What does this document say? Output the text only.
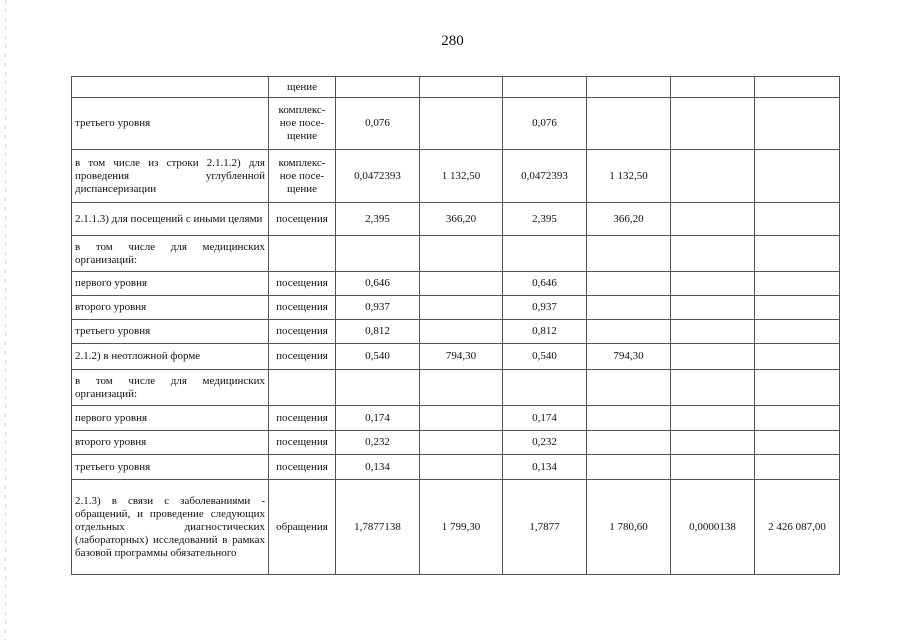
280
	щение						
третьего уровня	комплекс-ное посе-щение	0,076		0,076			
в том числе из строки 2.1.1.2) для проведения углубленной диспансеризации	комплекс-ное посе-щение	0,0472393	1 132,50	0,0472393	1 132,50		
2.1.1.3) для посещений с иными целями	посещения	2,395	366,20	2,395	366,20		
в том числе для медицинских организаций:							
первого уровня	посещения	0,646		0,646			
второго уровня	посещения	0,937		0,937			
третьего уровня	посещения	0,812		0,812			
2.1.2) в неотложной форме	посещения	0,540	794,30	0,540	794,30		
в том числе для медицинских организаций:							
первого уровня	посещения	0,174		0,174			
второго уровня	посещения	0,232		0,232			
третьего уровня	посещения	0,134		0,134			
2.1.3) в связи с заболеваниями - обращений, и проведение следующих отдельных диагностических (лабораторных) исследований в рамках базовой программы обязательного	обращения	1,7877138	1 799,30	1,7877	1 780,60	0,0000138	2 426 087,00
